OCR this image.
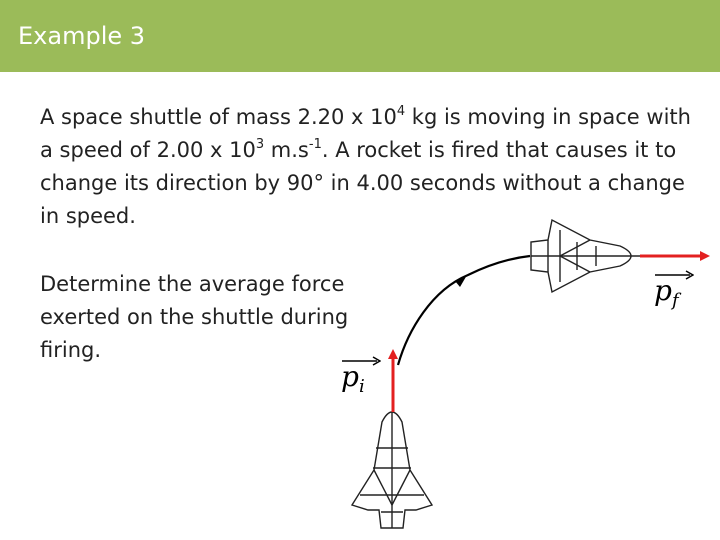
Example 3

A space shuttle of mass 2.20 x $10^4$ kg is moving in space with a speed of 2.00 x $10^3$ $m.s^{-1}$. A rocket is fired that causes it to change its direction by 90° in 4.00 seconds without a change in speed.

Determine the average force exerted on the shuttle during firing.

$p_i$
$p_f$
